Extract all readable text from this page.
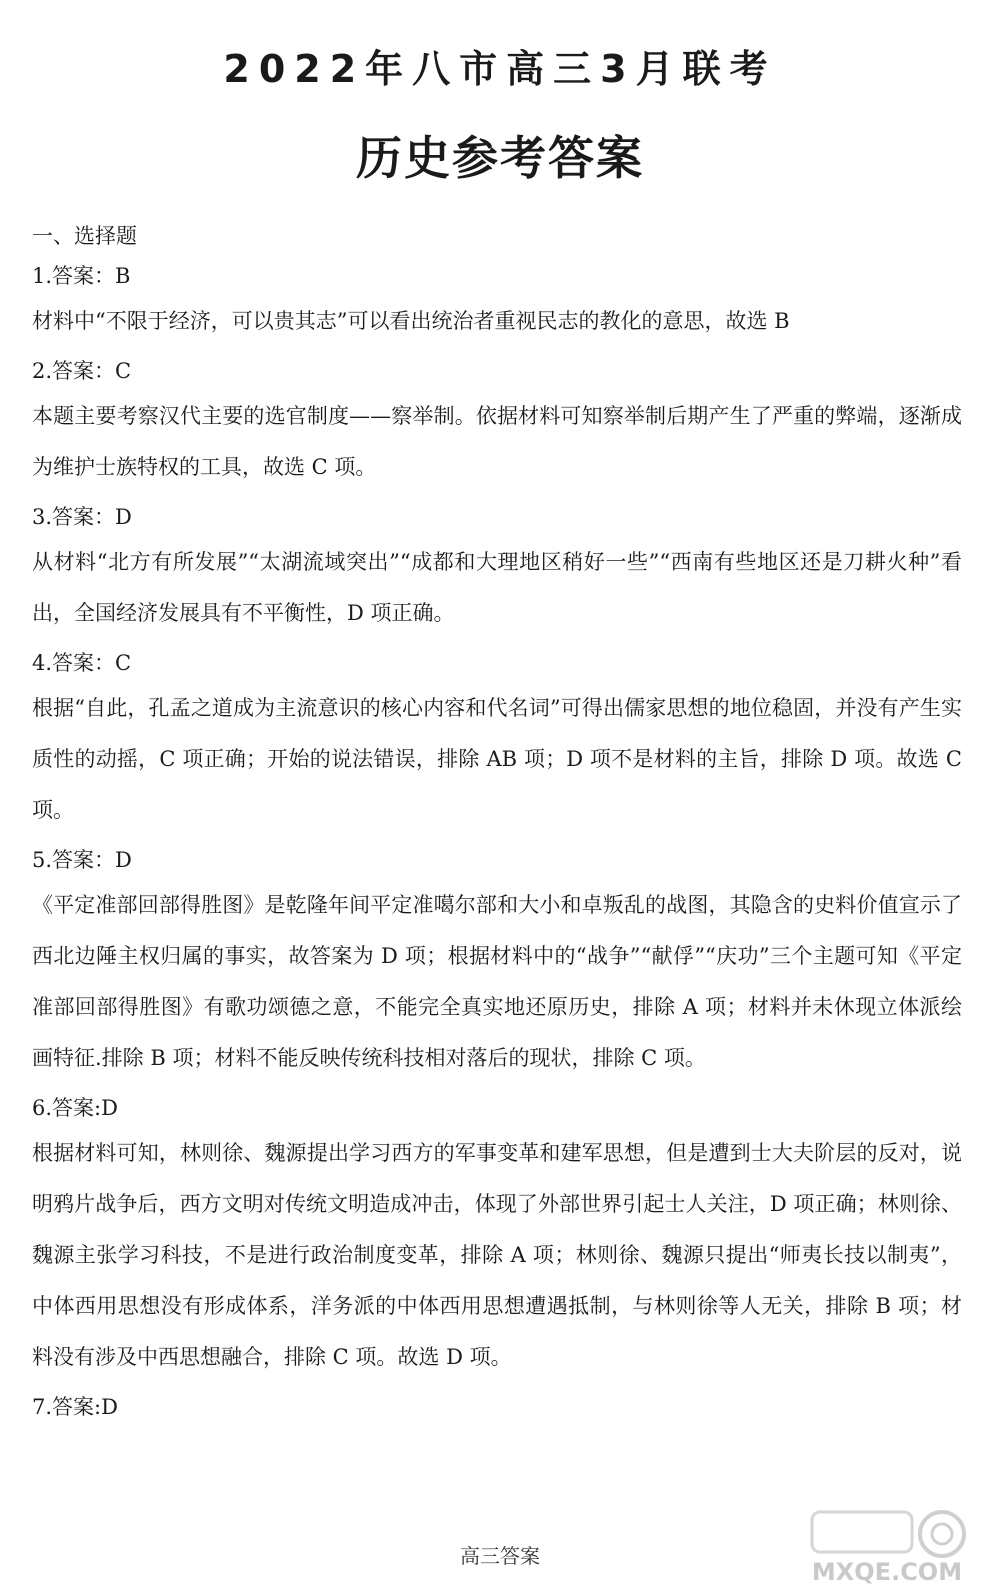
2022年八市高三3月联考
历史参考答案

一、选择题

1.答案：B

材料中“不限于经济，可以贵其志”可以看出统治者重视民志的教化的意思，故选 B

2.答案：C

本题主要考察汉代主要的选官制度——察举制。依据材料可知察举制后期产生了严重的弊端，逐渐成为维护士族特权的工具，故选 C 项。

3.答案：D

从材料“北方有所发展”“太湖流域突出”“成都和大理地区稍好一些”“西南有些地区还是刀耕火种”看出，全国经济发展具有不平衡性，D 项正确。

4.答案：C

根据“自此，孔孟之道成为主流意识的核心内容和代名词”可得出儒家思想的地位稳固，并没有产生实质性的动摇，C 项正确；开始的说法错误，排除 AB 项；D 项不是材料的主旨，排除 D 项。故选 C 项。

5.答案：D

《平定准部回部得胜图》是乾隆年间平定准噶尔部和大小和卓叛乱的战图，其隐含的史料价值宣示了西北边陲主权归属的事实，故答案为 D 项；根据材料中的“战争”“献俘”“庆功”三个主题可知《平定准部回部得胜图》有歌功颂德之意，不能完全真实地还原历史，排除 A 项；材料并未休现立体派绘画特征.排除 B 项；材料不能反映传统科技相对落后的现状，排除 C 项。

6.答案:D

根据材料可知，林则徐、魏源提出学习西方的军事变革和建军思想，但是遭到士大夫阶层的反对，说明鸦片战争后，西方文明对传统文明造成冲击，体现了外部世界引起士人关注，D 项正确；林则徐、魏源主张学习科技，不是进行政治制度变革，排除 A 项；林则徐、魏源只提出“师夷长技以制夷”，中体西用思想没有形成体系，洋务派的中体西用思想遭遇抵制，与林则徐等人无关，排除 B 项；材料没有涉及中西思想融合，排除 C 项。故选 D 项。

7.答案:D

高三答案
MXQE.COM
